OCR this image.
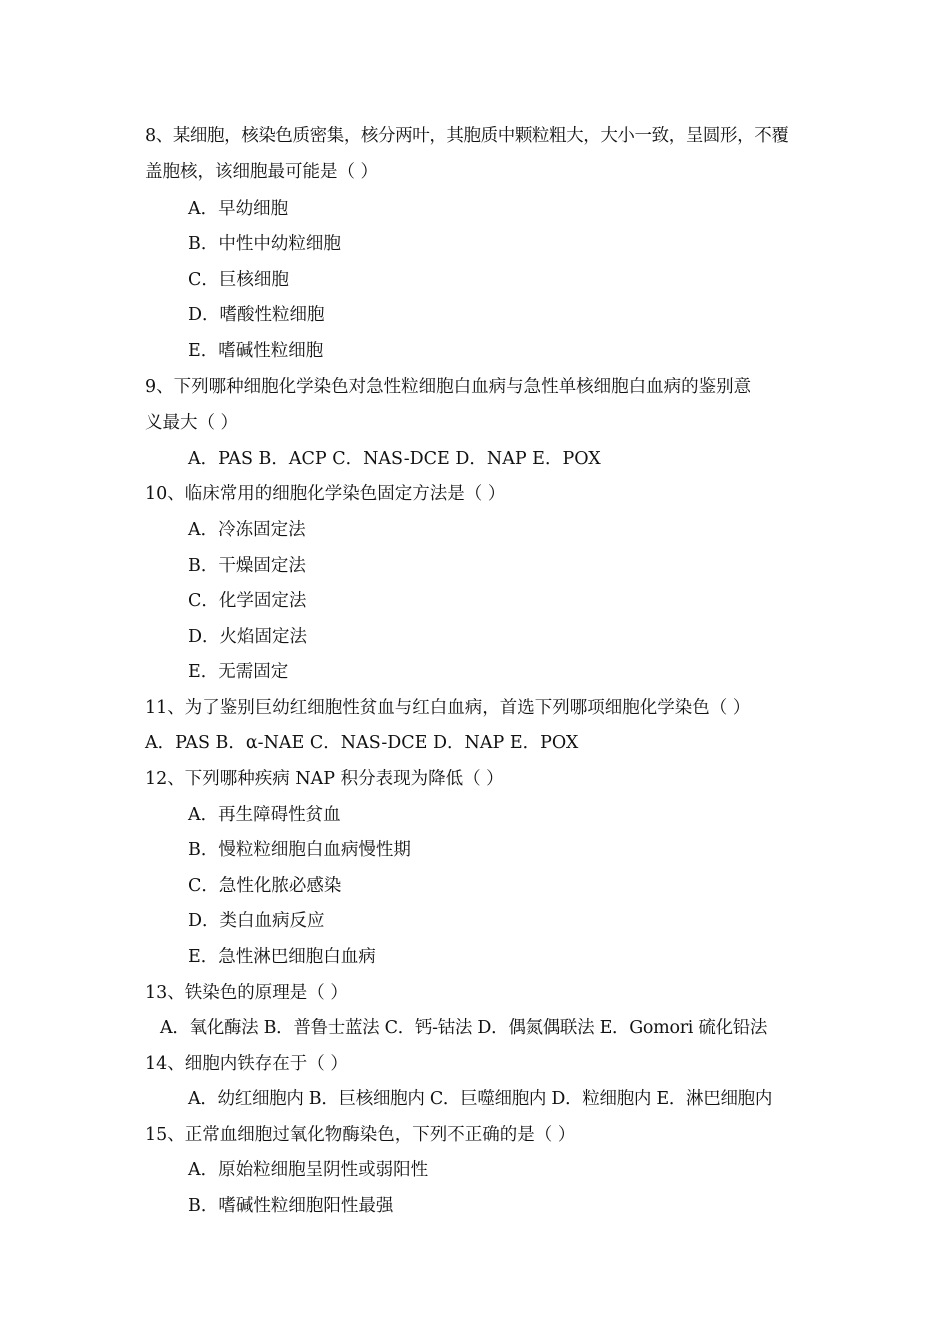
8、某细胞，核染色质密集，核分两叶，其胞质中颗粒粗大，大小一致，呈圆形，不覆
盖胞核，该细胞最可能是（ ）
A．早幼细胞
B．中性中幼粒细胞
C．巨核细胞
D．嗜酸性粒细胞
E．嗜碱性粒细胞
9、下列哪种细胞化学染色对急性粒细胞白血病与急性单核细胞白血病的鉴别意
义最大（ ）
A．PAS B．ACP C．NAS-DCE D．NAP E．POX
10、临床常用的细胞化学染色固定方法是（ ）
A．冷冻固定法
B．干燥固定法
C．化学固定法
D．火焰固定法
E．无需固定
11、为了鉴别巨幼红细胞性贫血与红白血病，首选下列哪项细胞化学染色（ ）
A．PAS B．α-NAE C．NAS-DCE D．NAP E．POX
12、下列哪种疾病 NAP 积分表现为降低（ ）
A．再生障碍性贫血
B．慢粒粒细胞白血病慢性期
C．急性化脓必感染
D．类白血病反应
E．急性淋巴细胞白血病
13、铁染色的原理是（ ）
A．氧化酶法 B．普鲁士蓝法 C．钙-钴法 D．偶氮偶联法 E．Gomori 硫化铅法
14、细胞内铁存在于（ ）
A．幼红细胞内 B．巨核细胞内 C．巨噬细胞内 D．粒细胞内 E．淋巴细胞内
15、正常血细胞过氧化物酶染色，下列不正确的是（ ）
A．原始粒细胞呈阴性或弱阳性
B．嗜碱性粒细胞阳性最强
